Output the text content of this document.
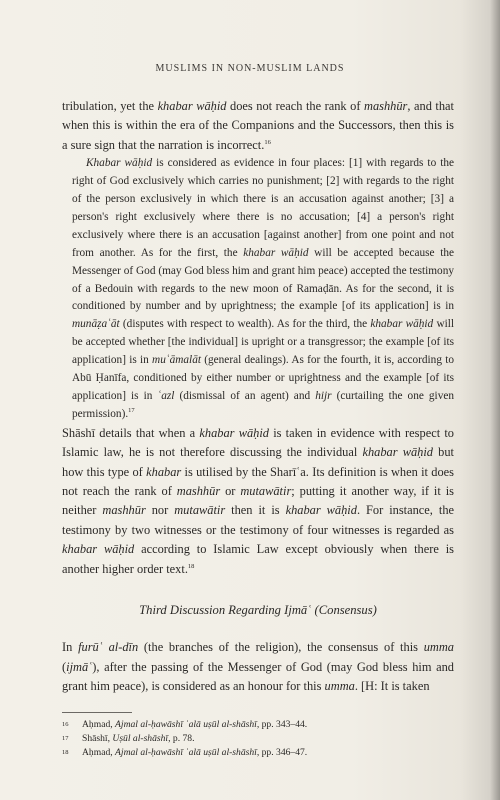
MUSLIMS IN NON-MUSLIM LANDS

tribulation, yet the khabar wāḥid does not reach the rank of mashhūr, and that when this is within the era of the Companions and the Successors, then this is a sure sign that the narration is incorrect.$^{16}$

Khabar wāḥid is considered as evidence in four places: [1] with regards to the right of God exclusively which carries no punishment; [2] with regards to the right of the person exclusively in which there is an accusation against another; [3] a person's right exclusively where there is no accusation; [4] a person's right exclusively where there is an accusation [against another] from one point and not from another. As for the first, the khabar wāḥid will be accepted because the Messenger of God (may God bless him and grant him peace) accepted the testimony of a Bedouin with regards to the new moon of Ramaḍān. As for the second, it is conditioned by number and by uprightness; the example [of its application] is in munāẓaʿāt (disputes with respect to wealth). As for the third, the khabar wāḥid will be accepted whether [the individual] is upright or a transgressor; the example [of its application] is in muʿāmalāt (general dealings). As for the fourth, it is, according to Abū Ḥanīfa, conditioned by either number or uprightness and the example [of its application] is in ʿazl (dismissal of an agent) and hijr (curtailing the one given permission).$^{17}$

Shāshī details that when a khabar wāḥid is taken in evidence with respect to Islamic law, he is not therefore discussing the individual khabar wāḥid but how this type of khabar is utilised by the Sharīʿa. Its definition is when it does not reach the rank of mashhūr or mutawātir; putting it another way, if it is neither mashhūr nor mutawātir then it is khabar wāḥid. For instance, the testimony by two witnesses or the testimony of four witnesses is regarded as khabar wāḥid according to Islamic Law except obviously when there is another higher order text.$^{18}$

Third Discussion Regarding Ijmāʿ (Consensus)

In furūʿ al-dīn (the branches of the religion), the consensus of this umma (ijmāʿ), after the passing of the Messenger of God (may God bless him and grant him peace), is considered as an honour for this umma. [H: It is taken

16	Aḥmad, Ajmal al-ḥawāshī ʿalā uṣūl al-shāshī, pp. 343–44.
17	Shāshī, Uṣūl al-shāshī, p. 78.
18	Aḥmad, Ajmal al-ḥawāshī ʿalā uṣūl al-shāshī, pp. 346–47.
